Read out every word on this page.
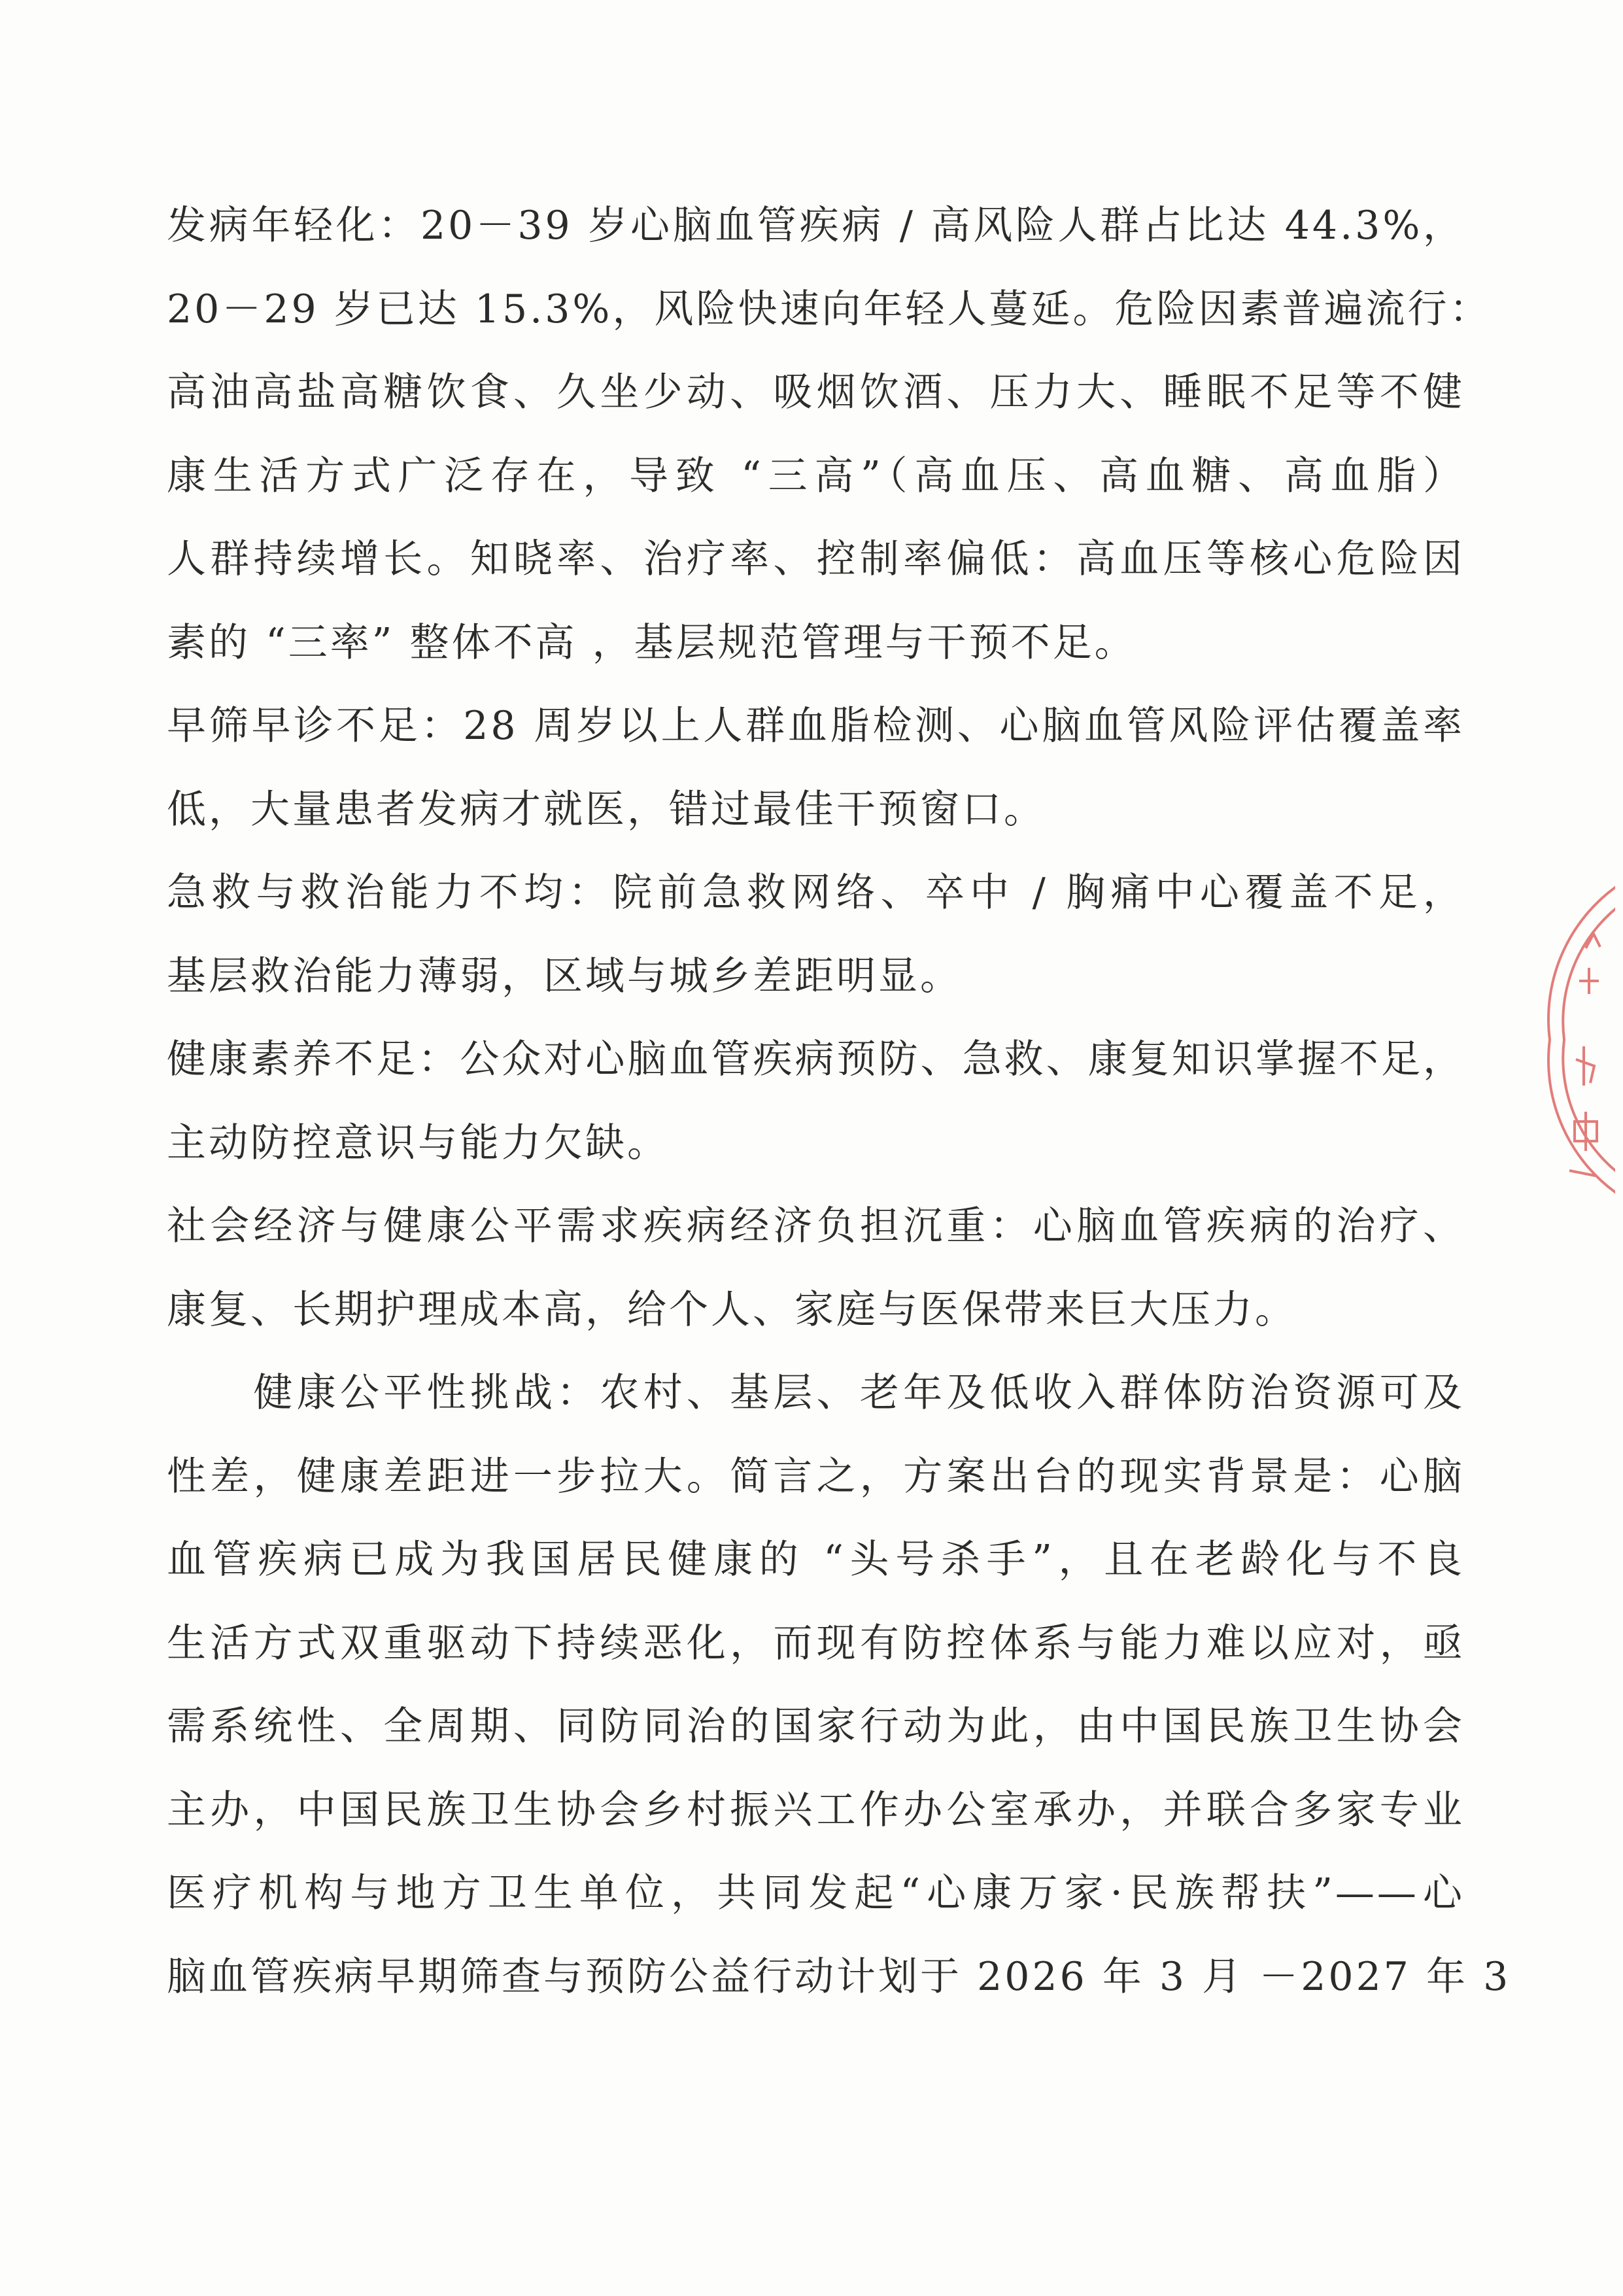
发病年轻化：20－39 岁心脑血管疾病 / 高风险人群占比达 44.3%，
20－29 岁已达 15.3%，风险快速向年轻人蔓延。危险因素普遍流行：
高油高盐高糖饮食、久坐少动、吸烟饮酒、压力大、睡眠不足等不健
康生活方式广泛存在，导致 “三高”（高血压、高血糖、高血脂）
人群持续增长。知晓率、治疗率、控制率偏低：高血压等核心危险因
素的 “三率” 整体不高 ，基层规范管理与干预不足。
早筛早诊不足：28 周岁以上人群血脂检测、心脑血管风险评估覆盖率
低，大量患者发病才就医，错过最佳干预窗口。
急救与救治能力不均：院前急救网络、卒中 / 胸痛中心覆盖不足，
基层救治能力薄弱，区域与城乡差距明显。
健康素养不足：公众对心脑血管疾病预防、急救、康复知识掌握不足，
主动防控意识与能力欠缺。
社会经济与健康公平需求疾病经济负担沉重：心脑血管疾病的治疗、
康复、长期护理成本高，给个人、家庭与医保带来巨大压力。
　　健康公平性挑战：农村、基层、老年及低收入群体防治资源可及
性差，健康差距进一步拉大。简言之，方案出台的现实背景是：心脑
血管疾病已成为我国居民健康的 “头号杀手”，且在老龄化与不良
生活方式双重驱动下持续恶化，而现有防控体系与能力难以应对，亟
需系统性、全周期、同防同治的国家行动为此，由中国民族卫生协会
主办，中国民族卫生协会乡村振兴工作办公室承办，并联合多家专业
医疗机构与地方卫生单位，共同发起“心康万家·民族帮扶”——心
脑血管疾病早期筛查与预防公益行动计划于 2026 年 3 月 －2027 年 3
